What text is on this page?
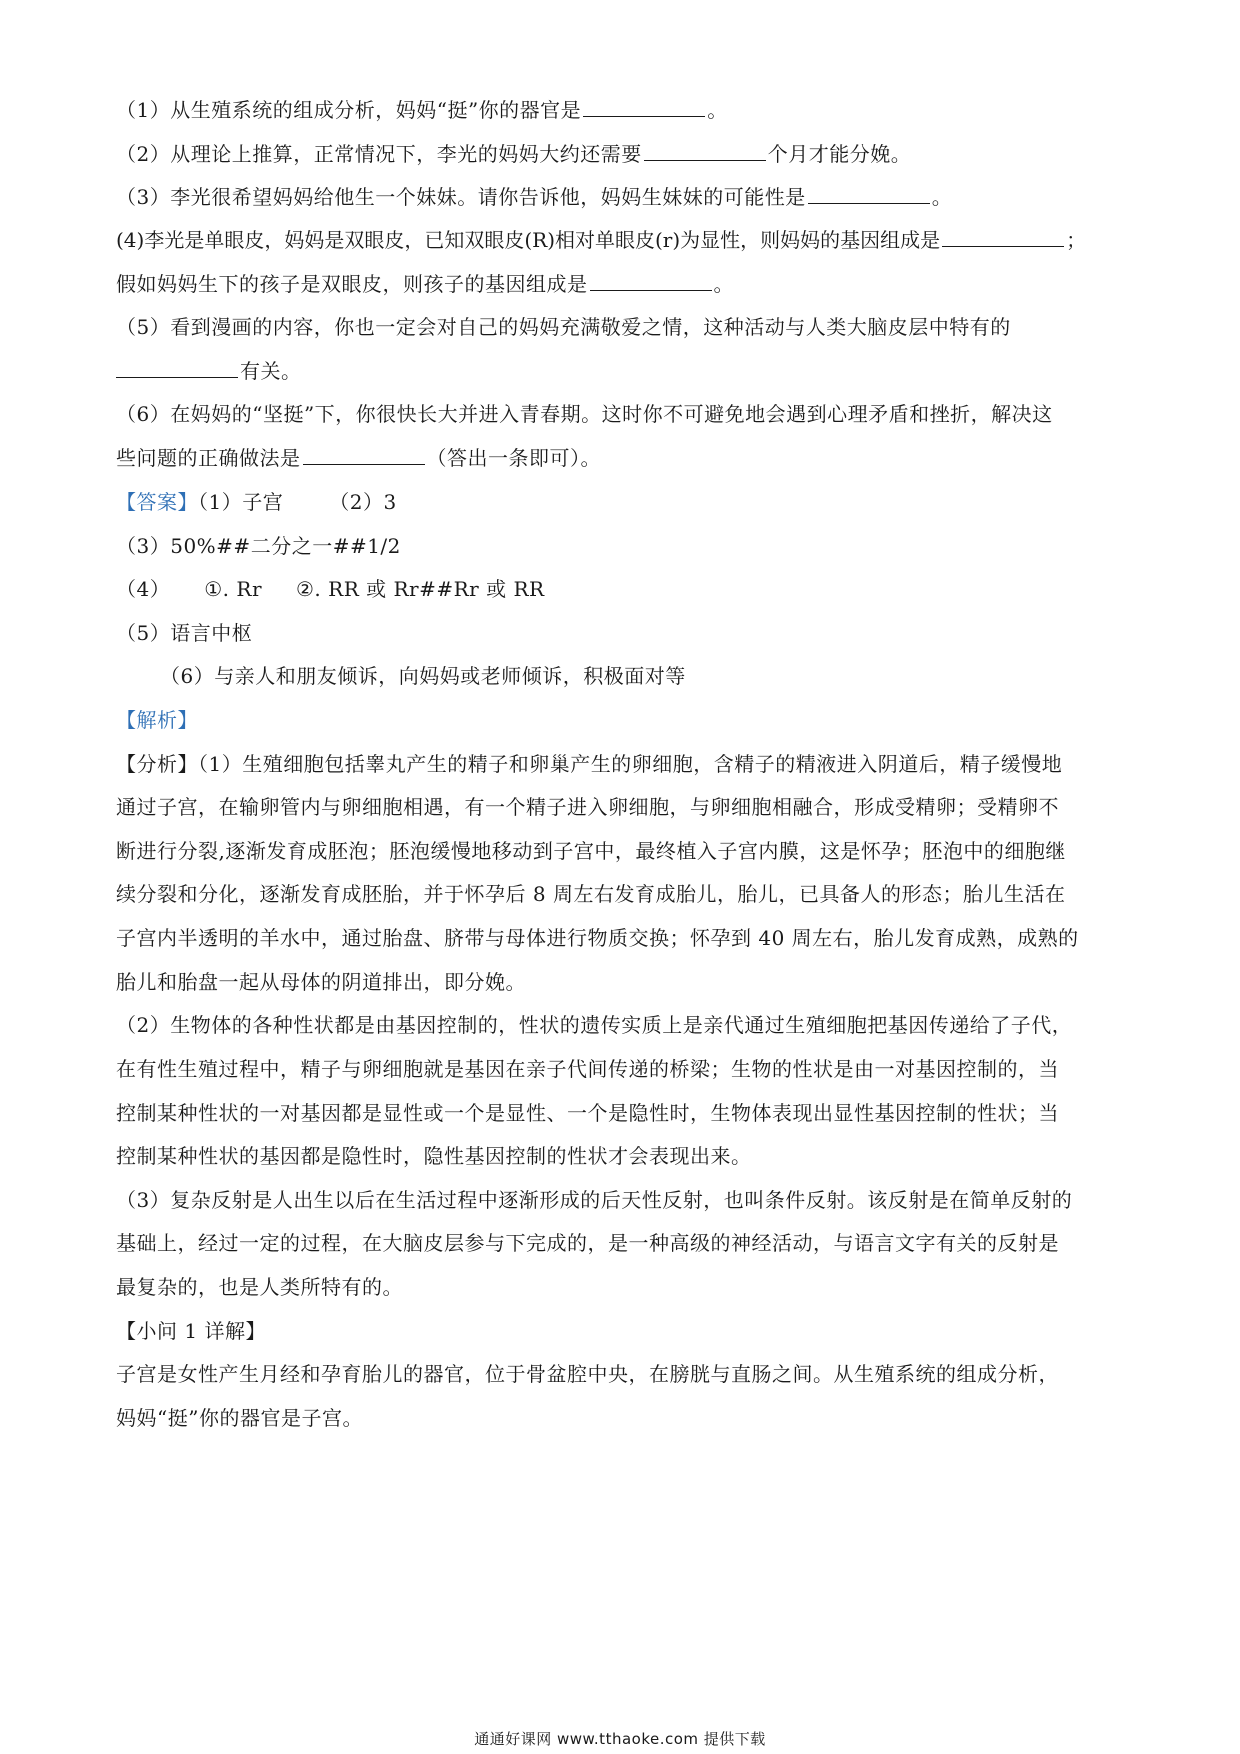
（1）从生殖系统的组成分析，妈妈“挺”你的器官是	。
（2）从理论上推算，正常情况下，李光的妈妈大约还需要	个月才能分娩。
（3）李光很希望妈妈给他生一个妹妹。请你告诉他，妈妈生妹妹的可能性是	。
(4)李光是单眼皮，妈妈是双眼皮，已知双眼皮(R)相对单眼皮(r)为显性，则妈妈的基因组成是	；
假如妈妈生下的孩子是双眼皮，则孩子的基因组成是	。
（5）看到漫画的内容，你也一定会对自己的妈妈充满敬爱之情，这种活动与人类大脑皮层中特有的
有关。
（6）在妈妈的“坚挺”下，你很快长大并进入青春期。这时你不可避免地会遇到心理矛盾和挫折，解决这
些问题的正确做法是	（答出一条即可）。
【答案】（1）子宫 （2）3
（3）50%##二分之一##1/2
（4） ①. Rr ②. RR 或 Rr##Rr 或 RR
（5）语言中枢
（6）与亲人和朋友倾诉，向妈妈或老师倾诉，积极面对等
【解析】
【分析】（1）生殖细胞包括睾丸产生的精子和卵巢产生的卵细胞，含精子的精液进入阴道后，精子缓慢地
通过子宫，在输卵管内与卵细胞相遇，有一个精子进入卵细胞，与卵细胞相融合，形成受精卵；受精卵不
断进行分裂,逐渐发育成胚泡；胚泡缓慢地移动到子宫中，最终植入子宫内膜，这是怀孕；胚泡中的细胞继
续分裂和分化，逐渐发育成胚胎，并于怀孕后 8 周左右发育成胎儿，胎儿，已具备人的形态；胎儿生活在
子宫内半透明的羊水中，通过胎盘、脐带与母体进行物质交换；怀孕到 40 周左右，胎儿发育成熟，成熟的
胎儿和胎盘一起从母体的阴道排出，即分娩。
（2）生物体的各种性状都是由基因控制的，性状的遗传实质上是亲代通过生殖细胞把基因传递给了子代，
在有性生殖过程中，精子与卵细胞就是基因在亲子代间传递的桥梁；生物的性状是由一对基因控制的，当
控制某种性状的一对基因都是显性或一个是显性、一个是隐性时，生物体表现出显性基因控制的性状；当
控制某种性状的基因都是隐性时，隐性基因控制的性状才会表现出来。
（3）复杂反射是人出生以后在生活过程中逐渐形成的后天性反射，也叫条件反射。该反射是在简单反射的
基础上，经过一定的过程，在大脑皮层参与下完成的，是一种高级的神经活动，与语言文字有关的反射是
最复杂的，也是人类所特有的。
【小问 1 详解】
子宫是女性产生月经和孕育胎儿的器官，位于骨盆腔中央，在膀胱与直肠之间。从生殖系统的组成分析，
妈妈“挺”你的器官是子宫。
通通好课网 www.tthaoke.com 提供下载
